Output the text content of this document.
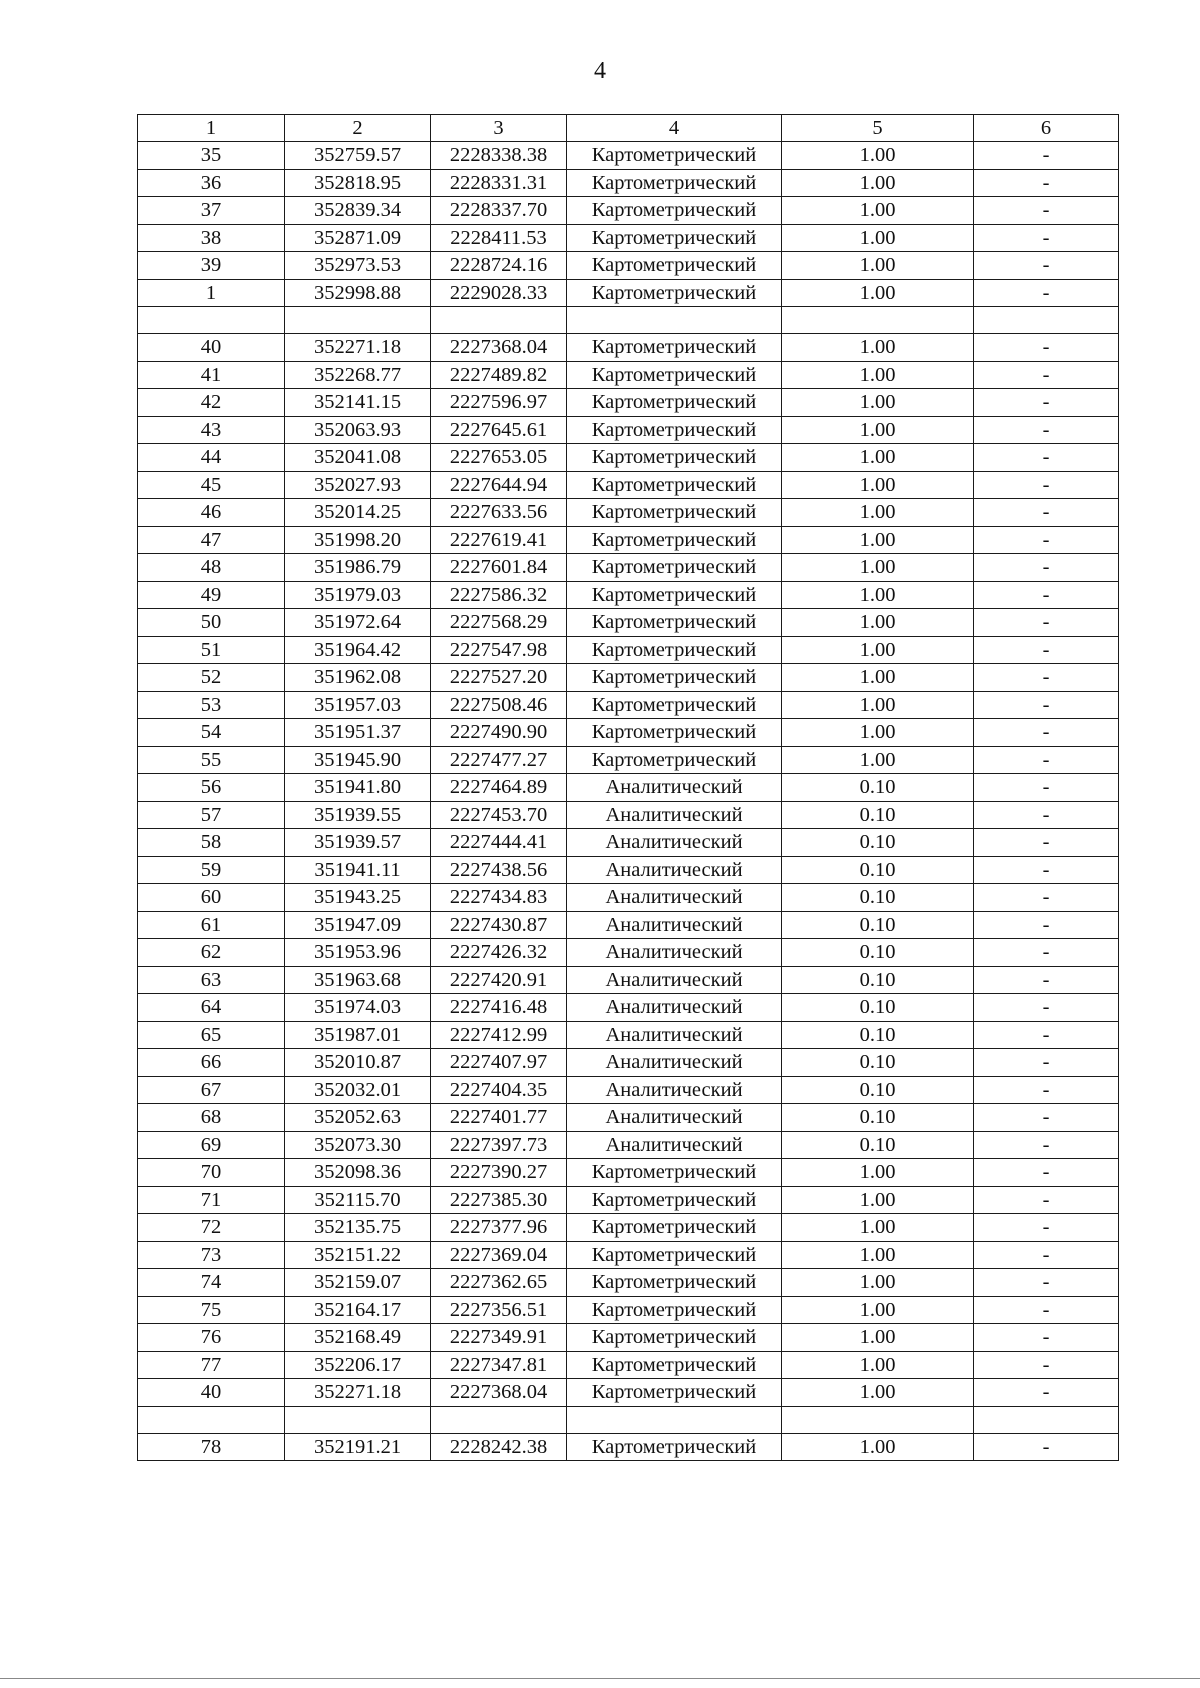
4
1	2	3	4	5	6
35	352759.57	2228338.38	Картометрический	1.00	-
36	352818.95	2228331.31	Картометрический	1.00	-
37	352839.34	2228337.70	Картометрический	1.00	-
38	352871.09	2228411.53	Картометрический	1.00	-
39	352973.53	2228724.16	Картометрический	1.00	-
1	352998.88	2229028.33	Картометрический	1.00	-

40	352271.18	2227368.04	Картометрический	1.00	-
41	352268.77	2227489.82	Картометрический	1.00	-
42	352141.15	2227596.97	Картометрический	1.00	-
43	352063.93	2227645.61	Картометрический	1.00	-
44	352041.08	2227653.05	Картометрический	1.00	-
45	352027.93	2227644.94	Картометрический	1.00	-
46	352014.25	2227633.56	Картометрический	1.00	-
47	351998.20	2227619.41	Картометрический	1.00	-
48	351986.79	2227601.84	Картометрический	1.00	-
49	351979.03	2227586.32	Картометрический	1.00	-
50	351972.64	2227568.29	Картометрический	1.00	-
51	351964.42	2227547.98	Картометрический	1.00	-
52	351962.08	2227527.20	Картометрический	1.00	-
53	351957.03	2227508.46	Картометрический	1.00	-
54	351951.37	2227490.90	Картометрический	1.00	-
55	351945.90	2227477.27	Картометрический	1.00	-
56	351941.80	2227464.89	Аналитический	0.10	-
57	351939.55	2227453.70	Аналитический	0.10	-
58	351939.57	2227444.41	Аналитический	0.10	-
59	351941.11	2227438.56	Аналитический	0.10	-
60	351943.25	2227434.83	Аналитический	0.10	-
61	351947.09	2227430.87	Аналитический	0.10	-
62	351953.96	2227426.32	Аналитический	0.10	-
63	351963.68	2227420.91	Аналитический	0.10	-
64	351974.03	2227416.48	Аналитический	0.10	-
65	351987.01	2227412.99	Аналитический	0.10	-
66	352010.87	2227407.97	Аналитический	0.10	-
67	352032.01	2227404.35	Аналитический	0.10	-
68	352052.63	2227401.77	Аналитический	0.10	-
69	352073.30	2227397.73	Аналитический	0.10	-
70	352098.36	2227390.27	Картометрический	1.00	-
71	352115.70	2227385.30	Картометрический	1.00	-
72	352135.75	2227377.96	Картометрический	1.00	-
73	352151.22	2227369.04	Картометрический	1.00	-
74	352159.07	2227362.65	Картометрический	1.00	-
75	352164.17	2227356.51	Картометрический	1.00	-
76	352168.49	2227349.91	Картометрический	1.00	-
77	352206.17	2227347.81	Картометрический	1.00	-
40	352271.18	2227368.04	Картометрический	1.00	-

78	352191.21	2228242.38	Картометрический	1.00	-
